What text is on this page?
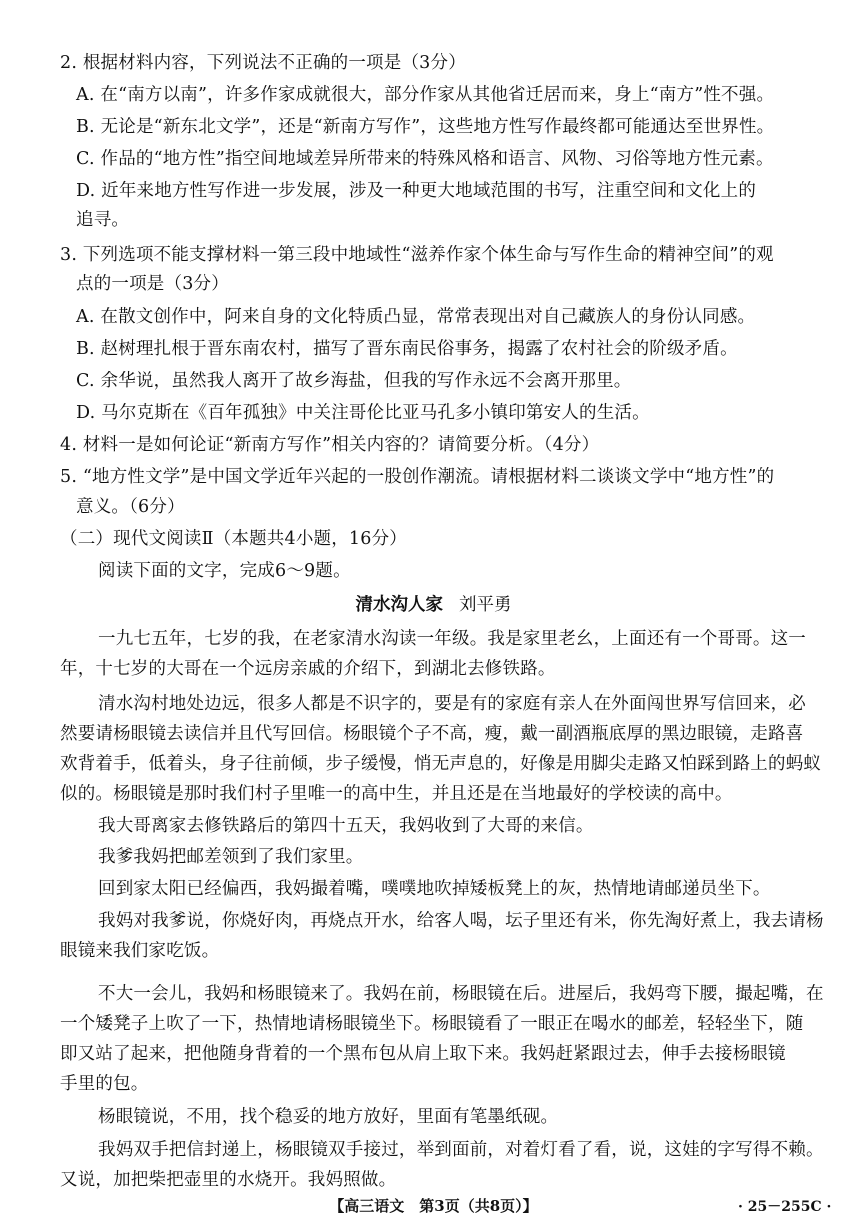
2. 根据材料内容，下列说法不正确的一项是（3分）
A. 在“南方以南”，许多作家成就很大，部分作家从其他省迁居而来，身上“南方”性不强。
B. 无论是“新东北文学”，还是“新南方写作”，这些地方性写作最终都可能通达至世界性。
C. 作品的“地方性”指空间地域差异所带来的特殊风格和语言、风物、习俗等地方性元素。
D. 近年来地方性写作进一步发展，涉及一种更大地域范围的书写，注重空间和文化上的
追寻。
3. 下列选项不能支撑材料一第三段中地域性“滋养作家个体生命与写作生命的精神空间”的观
点的一项是（3分）
A. 在散文创作中，阿来自身的文化特质凸显，常常表现出对自己藏族人的身份认同感。
B. 赵树理扎根于晋东南农村，描写了晋东南民俗事务，揭露了农村社会的阶级矛盾。
C. 余华说，虽然我人离开了故乡海盐，但我的写作永远不会离开那里。
D. 马尔克斯在《百年孤独》中关注哥伦比亚马孔多小镇印第安人的生活。
4. 材料一是如何论证“新南方写作”相关内容的？请简要分析。（4分）
5. “地方性文学”是中国文学近年兴起的一股创作潮流。请根据材料二谈谈文学中“地方性”的
意义。（6分）
（二）现代文阅读Ⅱ（本题共4小题，16分）
阅读下面的文字，完成6～9题。
清水沟人家 刘平勇
一九七五年，七岁的我，在老家清水沟读一年级。我是家里老幺，上面还有一个哥哥。这一
年，十七岁的大哥在一个远房亲戚的介绍下，到湖北去修铁路。
清水沟村地处边远，很多人都是不识字的，要是有的家庭有亲人在外面闯世界写信回来，必
然要请杨眼镜去读信并且代写回信。杨眼镜个子不高，瘦，戴一副酒瓶底厚的黑边眼镜，走路喜
欢背着手，低着头，身子往前倾，步子缓慢，悄无声息的，好像是用脚尖走路又怕踩到路上的蚂蚁
似的。杨眼镜是那时我们村子里唯一的高中生，并且还是在当地最好的学校读的高中。
我大哥离家去修铁路后的第四十五天，我妈收到了大哥的来信。
我爹我妈把邮差领到了我们家里。
回到家太阳已经偏西，我妈撮着嘴，噗噗地吹掉矮板凳上的灰，热情地请邮递员坐下。
我妈对我爹说，你烧好肉，再烧点开水，给客人喝，坛子里还有米，你先淘好煮上，我去请杨
眼镜来我们家吃饭。
不大一会儿，我妈和杨眼镜来了。我妈在前，杨眼镜在后。进屋后，我妈弯下腰，撮起嘴，在
一个矮凳子上吹了一下，热情地请杨眼镜坐下。杨眼镜看了一眼正在喝水的邮差，轻轻坐下，随
即又站了起来，把他随身背着的一个黑布包从肩上取下来。我妈赶紧跟过去，伸手去接杨眼镜
手里的包。
杨眼镜说，不用，找个稳妥的地方放好，里面有笔墨纸砚。
我妈双手把信封递上，杨眼镜双手接过，举到面前，对着灯看了看，说，这娃的字写得不赖。
又说，加把柴把壶里的水烧开。我妈照做。
【高三语文　第3页（共8页）】	· 25－255C ·
